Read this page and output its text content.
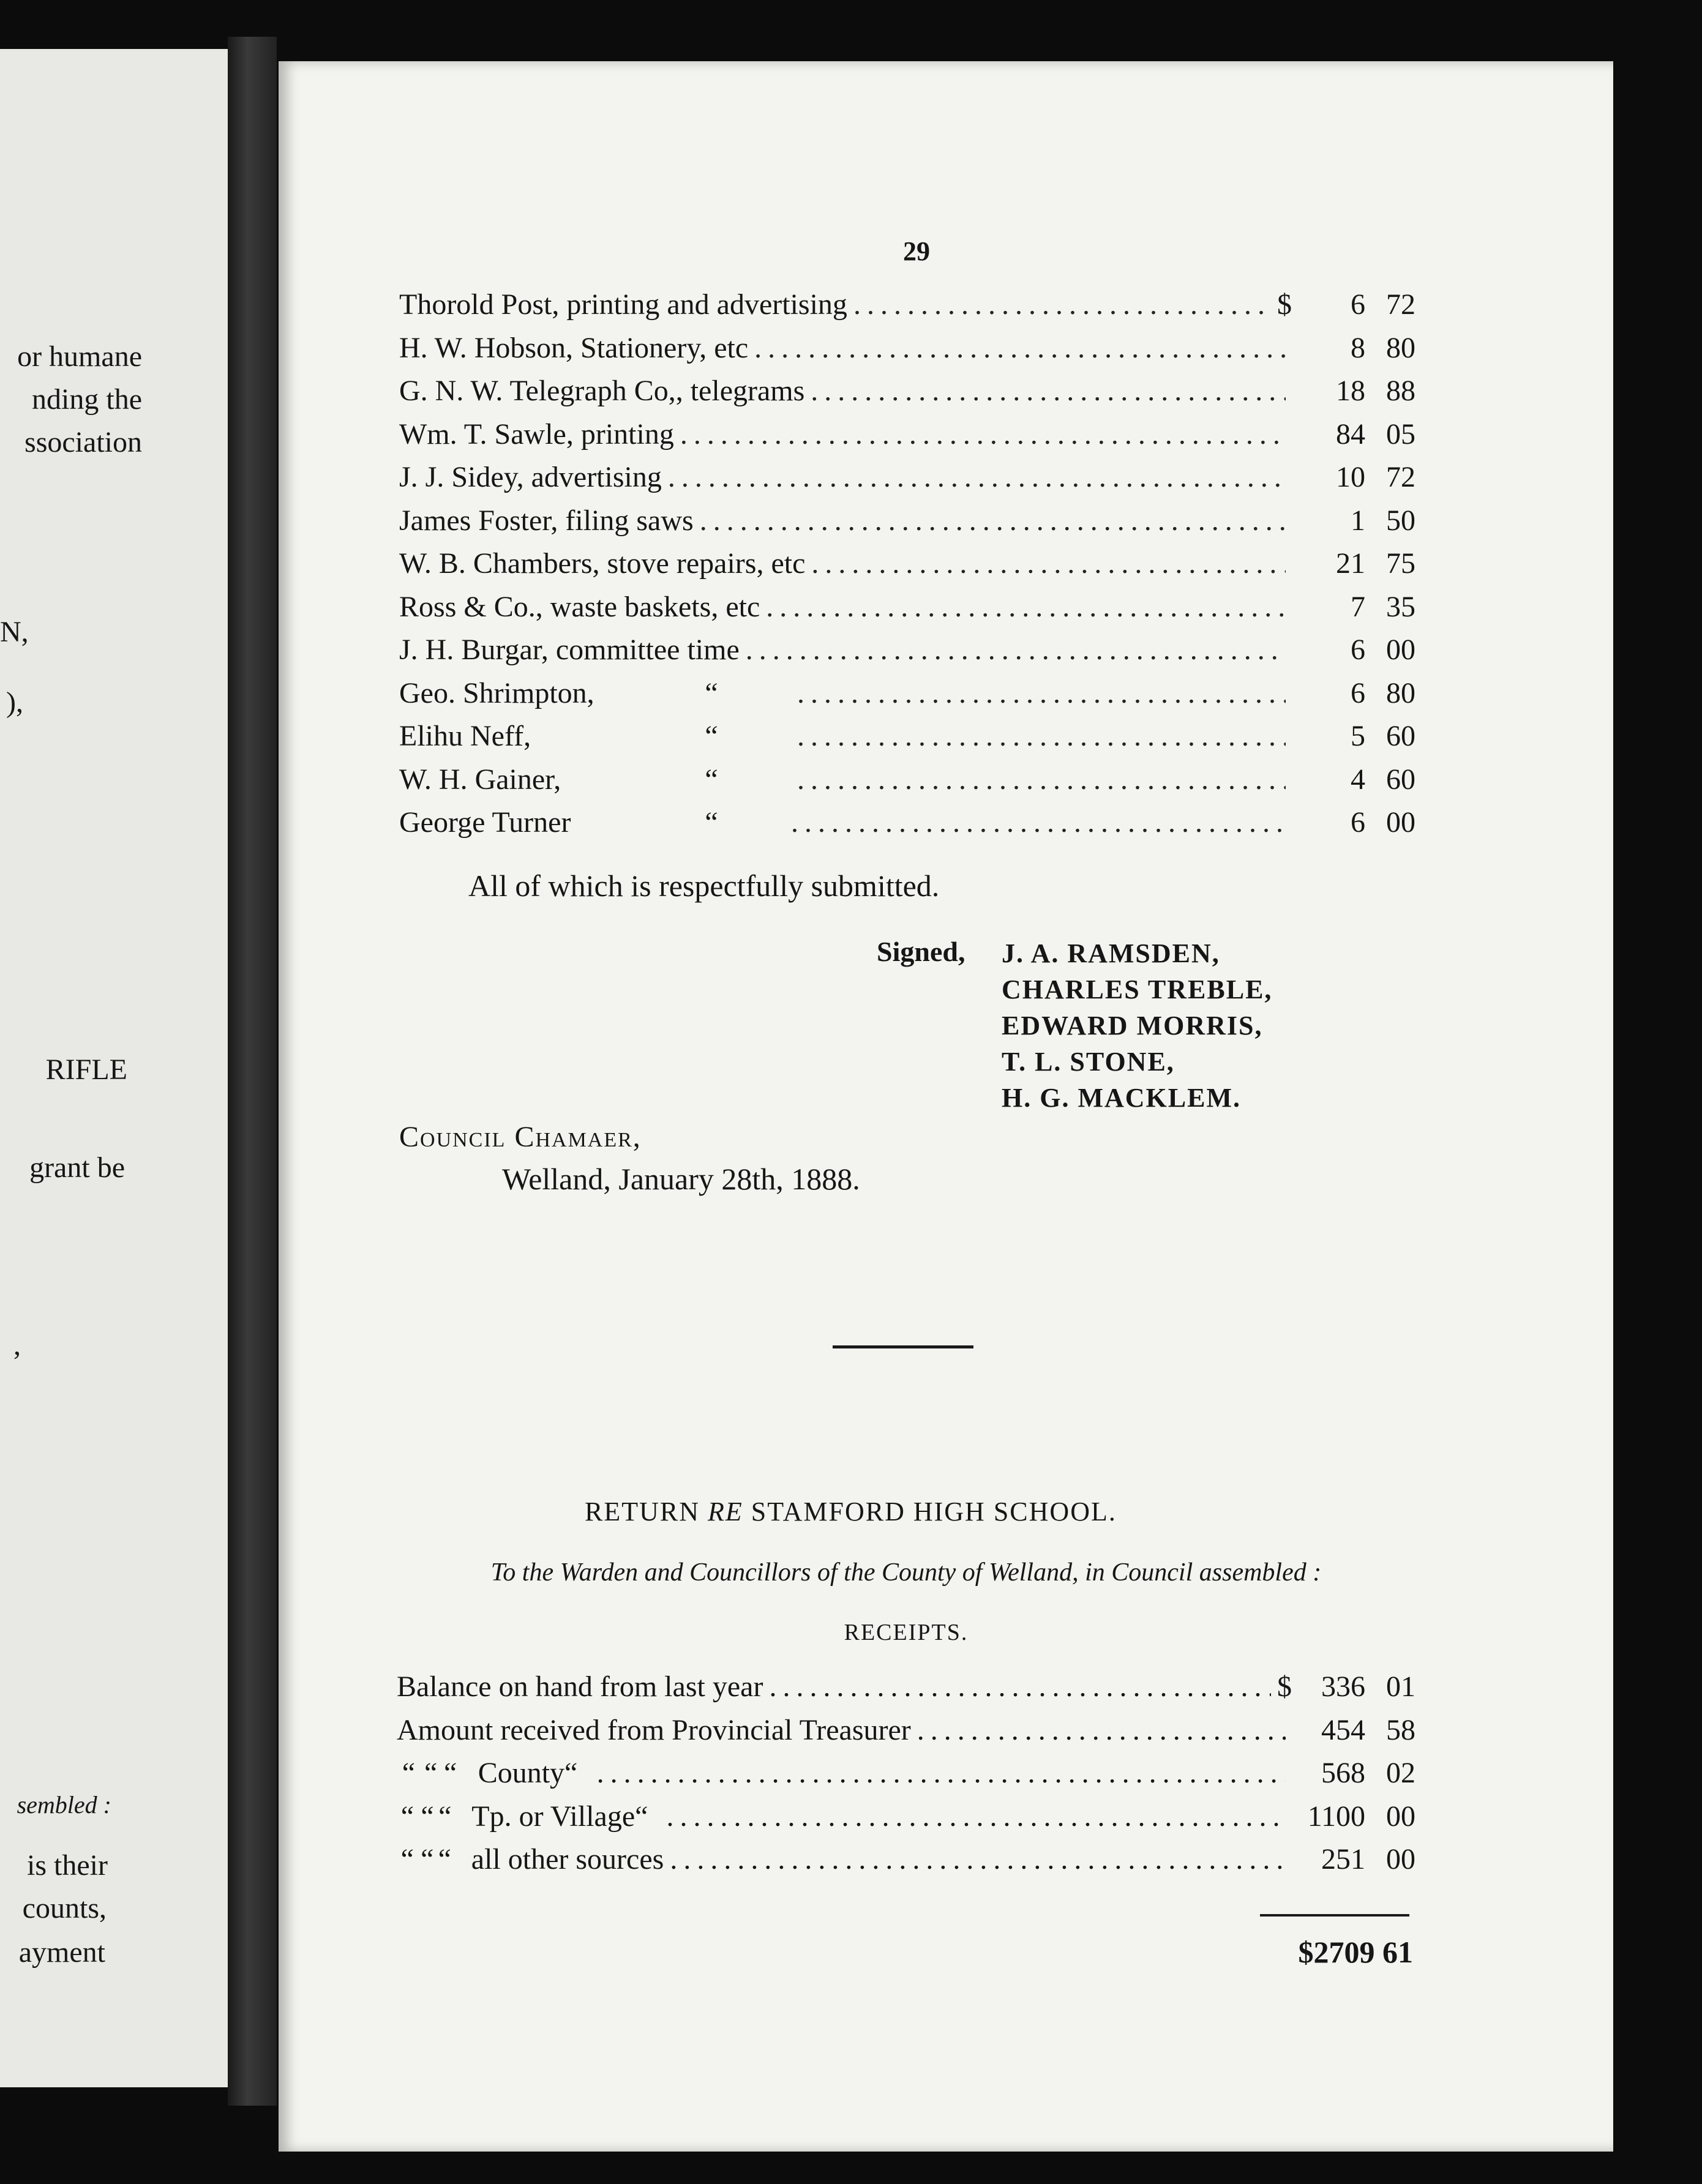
or humane
nding the
ssociation
N,
),
RIFLE
grant be
,
sembled :
is their
counts,
ayment
29
Thorold Post, printing and advertising .....	$ 6 72
H. W. Hobson, Stationery, etc .....	8 80
G. N. W. Telegraph Co,, telegrams .....	18 88
Wm. T. Sawle, printing .....	84 05
J. J. Sidey, advertising .....	10 72
James Foster, filing saws .....	1 50
W. B. Chambers, stove repairs, etc .....	21 75
Ross & Co., waste baskets, etc .....	7 35
J. H. Burgar, committee time .....	6 00
Geo. Shrimpton,	“ .....	6 80
Elihu Neff,	“ .....	5 60
W. H. Gainer,	“ .....	4 60
George Turner	“ .....	6 00
All of which is respectfully submitted.
Signed, J. A. RAMSDEN,
CHARLES TREBLE,
EDWARD MORRIS,
T. L. STONE,
H. G. MACKLEM.
Council Chamaer,
Welland, January 28th, 1888.
RETURN RE STAMFORD HIGH SCHOOL.
To the Warden and Councillors of the County of Welland, in Council assembled :
RECEIPTS.
Balance on hand from last year .....	$ 336 01
Amount received from Provincial Treasurer .....	454 58
“ “ “ County “ .....	568 02
“ “ “ Tp. or Village “ .....	1100 00
“ “ “ all other sources .....	251 00
$2709 61
